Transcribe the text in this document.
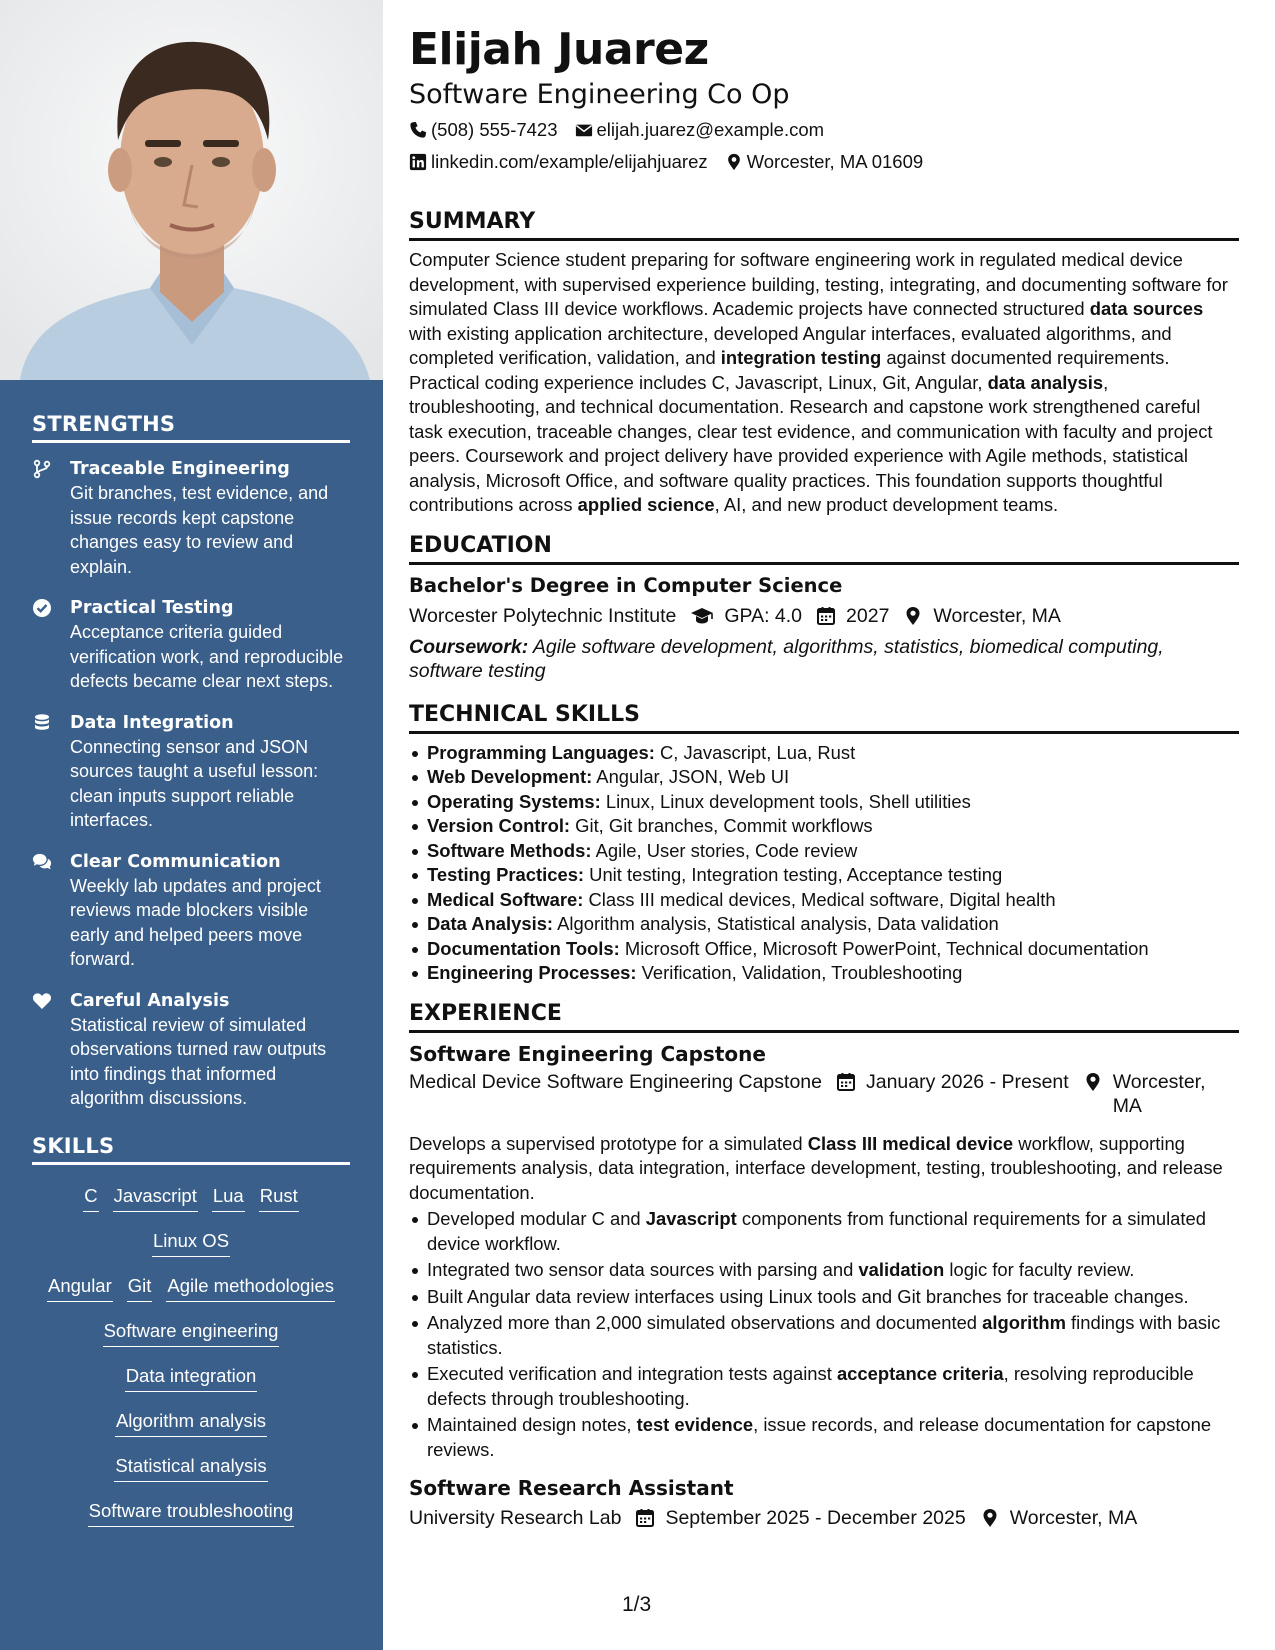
STRENGTHS
Traceable Engineering
Git branches, test evidence, and issue records kept capstone changes easy to review and explain.
Practical Testing
Acceptance criteria guided verification work, and reproducible defects became clear next steps.
Data Integration
Connecting sensor and JSON sources taught a useful lesson: clean inputs support reliable interfaces.
Clear Communication
Weekly lab updates and project reviews made blockers visible early and helped peers move forward.
Careful Analysis
Statistical review of simulated observations turned raw outputs into findings that informed algorithm discussions.
SKILLS
C Javascript Lua RustLinux OS
Angular Git Agile methodologies
Software engineering
Data integration
Algorithm analysis
Statistical analysis
Software troubleshooting
Elijah Juarez
Software Engineering Co Op
(508) 555-7423 elijah.juarez@example.com
linkedin.com/example/elijahjuarez Worcester, MA 01609
SUMMARY

Computer Science student preparing for software engineering work in regulated medical device development, with supervised experience building, testing, integrating, and documenting software for simulated Class III device workflows. Academic projects have connected structured data sources with existing application architecture, developed Angular interfaces, evaluated algorithms, and completed verification, validation, and integration testing against documented requirements. Practical coding experience includes C, Javascript, Linux, Git, Angular, data analysis, troubleshooting, and technical documentation. Research and capstone work strengthened careful task execution, traceable changes, clear test evidence, and communication with faculty and project peers. Coursework and project delivery have provided experience with Agile methods, statistical analysis, Microsoft Office, and software quality practices. This foundation supports thoughtful contributions across applied science, AI, and new product development teams.

EDUCATION
Bachelor's Degree in Computer Science
Worcester Polytechnic Institute GPA: 4.0 2027 Worcester, MA
Coursework: Agile software development, algorithms, statistics, biomedical computing, software testing
TECHNICAL SKILLS
Programming Languages: C, Javascript, Lua, Rust
Web Development: Angular, JSON, Web UI
Operating Systems: Linux, Linux development tools, Shell utilities
Version Control: Git, Git branches, Commit workflows
Software Methods: Agile, User stories, Code review
Testing Practices: Unit testing, Integration testing, Acceptance testing
Medical Software: Class III medical devices, Medical software, Digital health
Data Analysis: Algorithm analysis, Statistical analysis, Data validation
Documentation Tools: Microsoft Office, Microsoft PowerPoint, Technical documentation
Engineering Processes: Verification, Validation, Troubleshooting
EXPERIENCE
Software Engineering Capstone
Medical Device Software Engineering Capstone January 2026 - Present Worcester, MA

Develops a supervised prototype for a simulated Class III medical device workflow, supporting requirements analysis, data integration, interface development, testing, troubleshooting, and release documentation.

Developed modular C and Javascript components from functional requirements for a simulated device workflow.
Integrated two sensor data sources with parsing and validation logic for faculty review.
Built Angular data review interfaces using Linux tools and Git branches for traceable changes.
Analyzed more than 2,000 simulated observations and documented algorithm findings with basic statistics.
Executed verification and integration tests against acceptance criteria, resolving reproducible defects through troubleshooting.
Maintained design notes, test evidence, issue records, and release documentation for capstone reviews.
Software Research Assistant
University Research Lab September 2025 - December 2025 Worcester, MA
1/3
